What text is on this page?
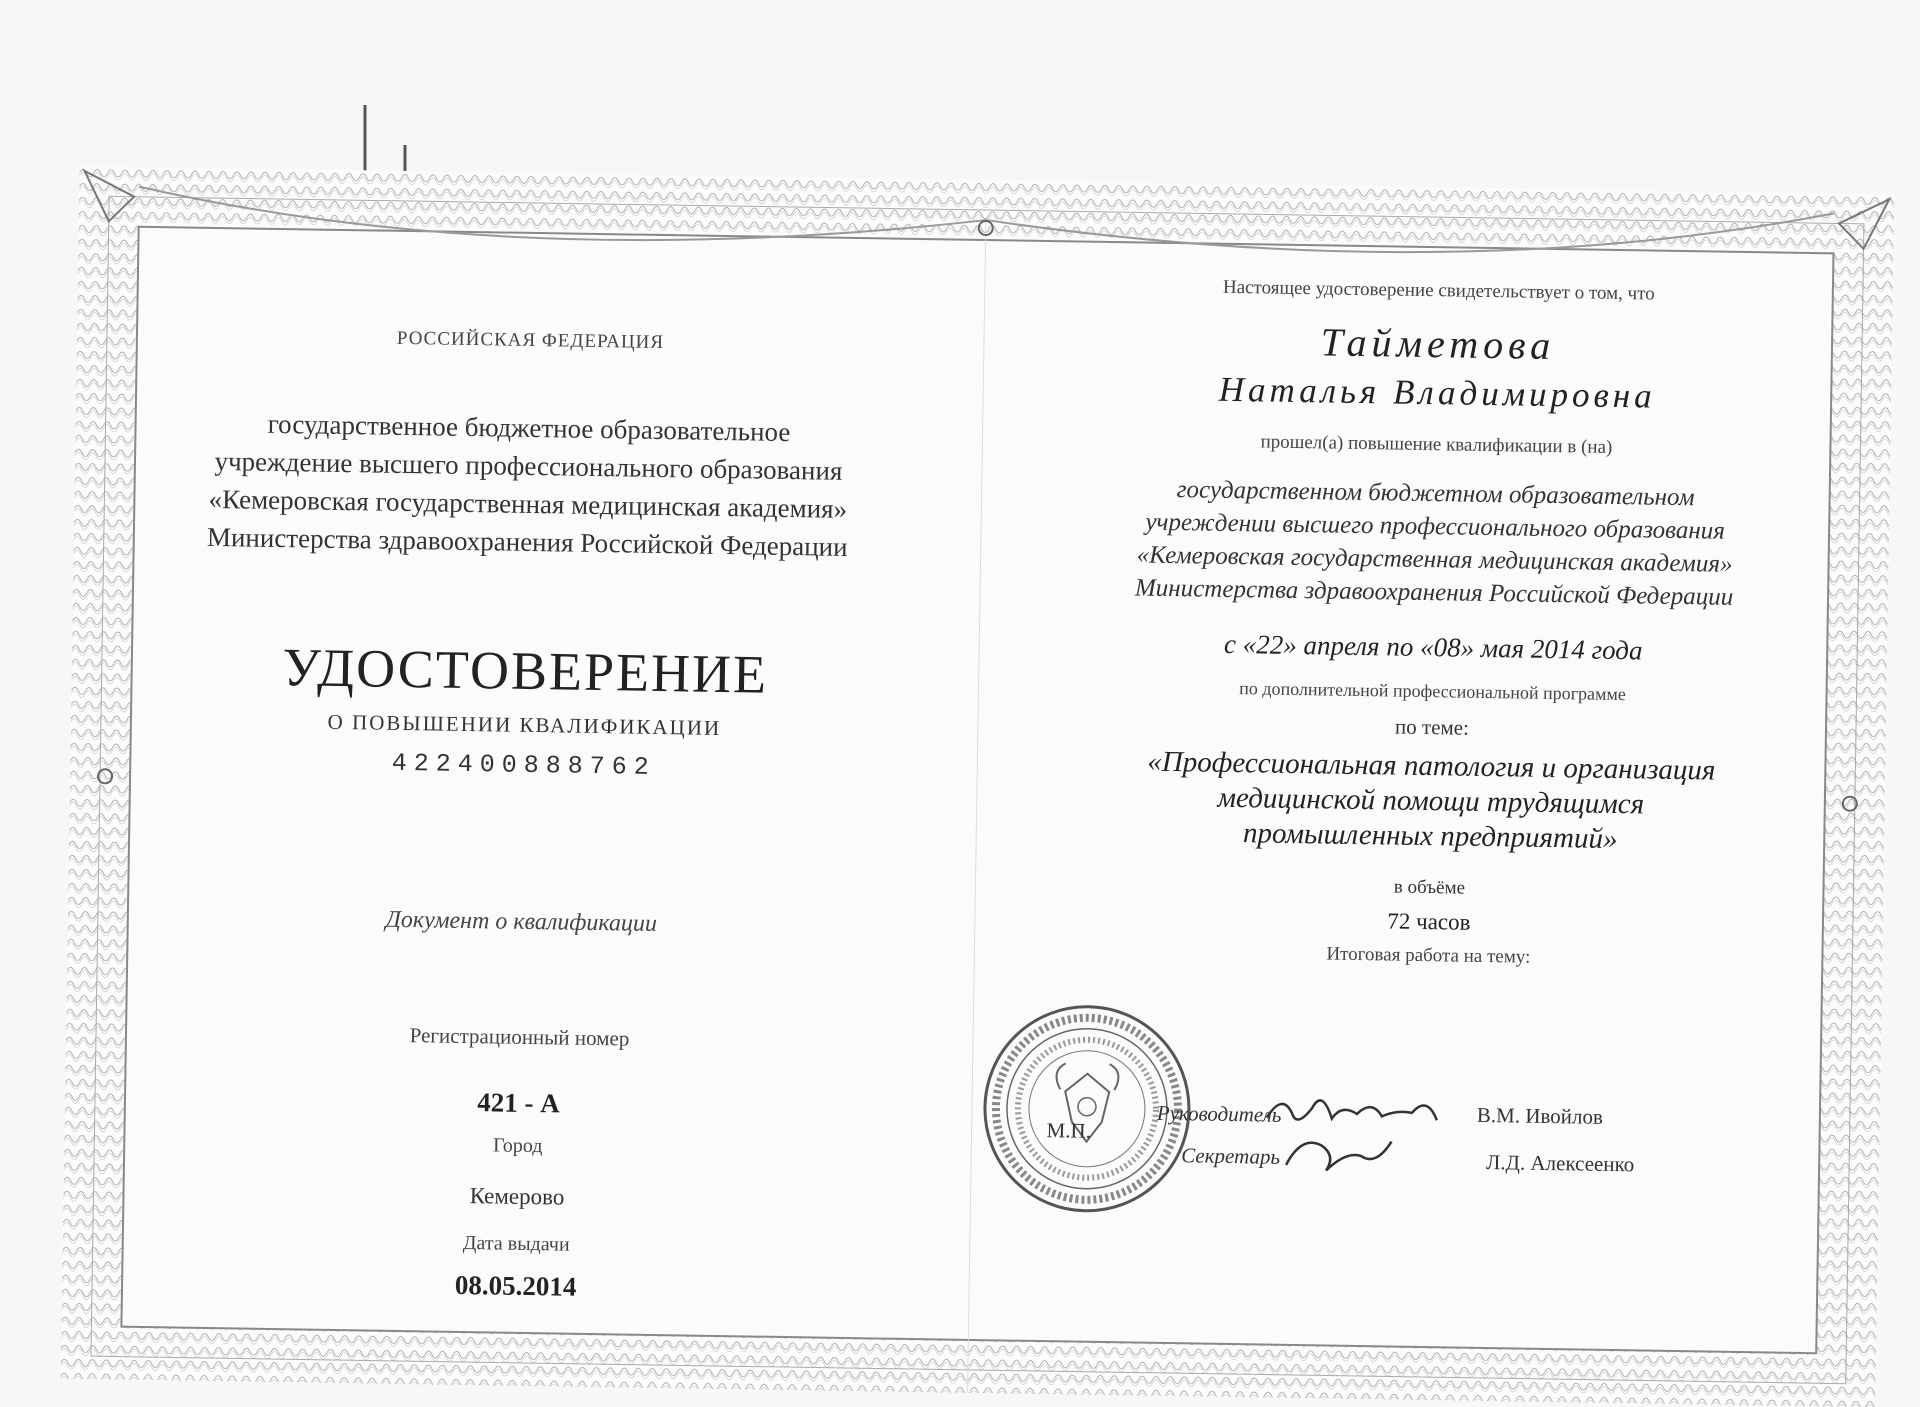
РОССИЙСКАЯ ФЕДЕРАЦИЯ
государственное бюджетное образовательное
учреждение высшего профессионального образования
«Кемеровская государственная медицинская академия»
Министерства здравоохранения Российской Федерации
УДОСТОВЕРЕНИЕ
О ПОВЫШЕНИИ КВАЛИФИКАЦИИ
422400888762
Документ о квалификации
Регистрационный номер
421 - А
Город
Кемерово
Дата выдачи
08.05.2014
Настоящее удостоверение свидетельствует о том, что
Тайметова
Наталья Владимировна
прошел(а) повышение квалификации в (на)
государственном бюджетном образовательном
учреждении высшего профессионального образования
«Кемеровская государственная медицинская академия»
Министерства здравоохранения Российской Федерации
с «22» апреля по «08» мая 2014 года
по дополнительной профессиональной программе
по теме:
«Профессиональная патология и организация
медицинской помощи трудящимся
промышленных предприятий»
в объёме
72 часов
Итоговая работа на тему:
М.П.
Руководитель
Секретарь
В.М. Ивойлов
Л.Д. Алексеенко
